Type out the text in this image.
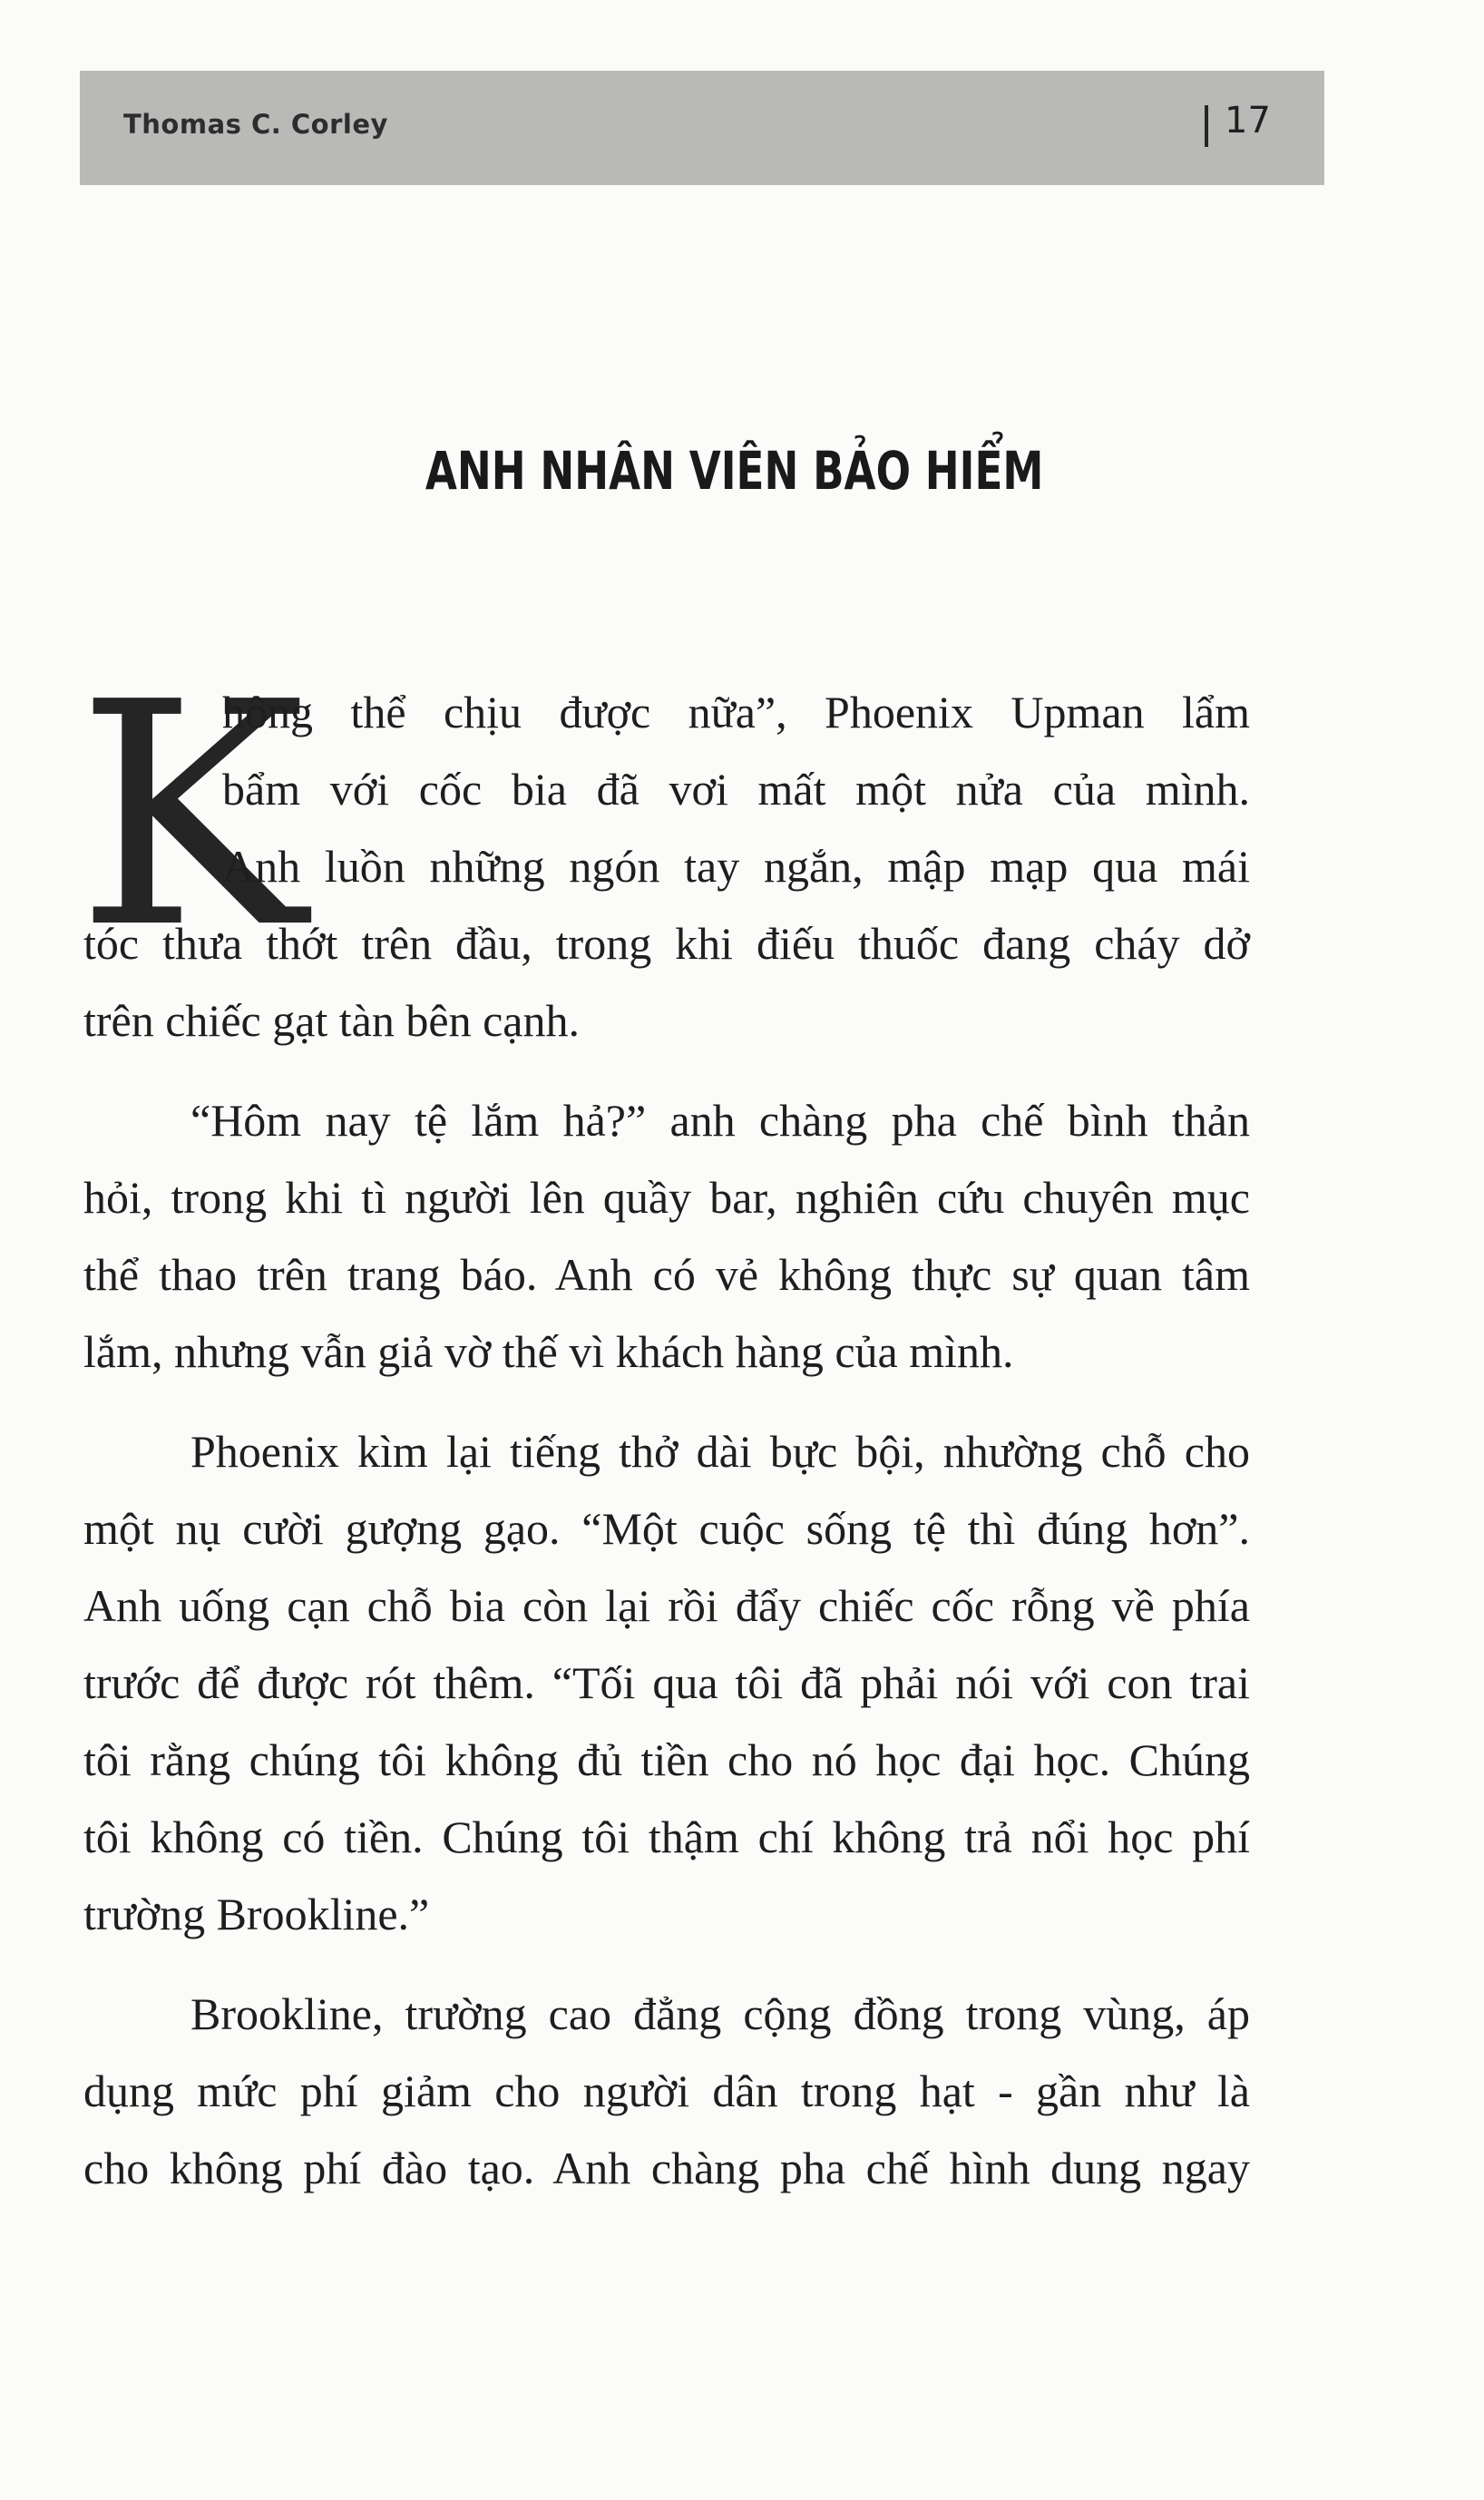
Thomas C. Corley	17
ANH NHÂN VIÊN BẢO HIỂM
K
hông thể chịu được nữa”, Phoenix Upman lẩm
bẩm với cốc bia đã vơi mất một nửa của mình.
Anh luồn những ngón tay ngắn, mập mạp qua mái
tóc thưa thớt trên đầu, trong khi điếu thuốc đang cháy dở
trên chiếc gạt tàn bên cạnh.
“Hôm nay tệ lắm hả?” anh chàng pha chế bình thản
hỏi, trong khi tì người lên quầy bar, nghiên cứu chuyên mục
thể thao trên trang báo. Anh có vẻ không thực sự quan tâm
lắm, nhưng vẫn giả vờ thế vì khách hàng của mình.
Phoenix kìm lại tiếng thở dài bực bội, nhường chỗ cho
một nụ cười gượng gạo. “Một cuộc sống tệ thì đúng hơn”.
Anh uống cạn chỗ bia còn lại rồi đẩy chiếc cốc rỗng về phía
trước để được rót thêm. “Tối qua tôi đã phải nói với con trai
tôi rằng chúng tôi không đủ tiền cho nó học đại học. Chúng
tôi không có tiền. Chúng tôi thậm chí không trả nổi học phí
trường Brookline.”
Brookline, trường cao đẳng cộng đồng trong vùng, áp
dụng mức phí giảm cho người dân trong hạt - gần như là
cho không phí đào tạo. Anh chàng pha chế hình dung ngay
